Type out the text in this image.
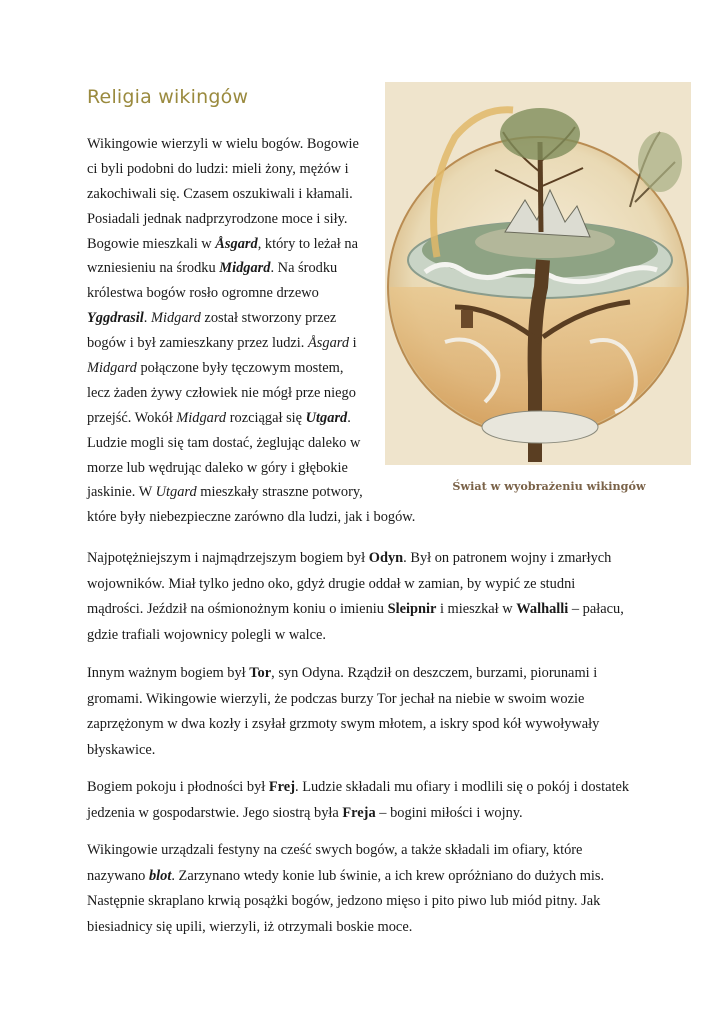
Religia wikingów
Wikingowie wierzyli w wielu bogów. Bogowie
ci byli podobni do ludzi: mieli żony, mężów i
zakochiwali się. Czasem oszukiwali i kłamali.
Posiadali jednak nadprzyrodzone moce i siły.
Bogowie mieszkali w Åsgard, który to leżał na
wzniesieniu na środku Midgard. Na środku
królestwa bogów rosło ogromne drzewo
Yggdrasil. Midgard został stworzony przez
bogów i był zamieszkany przez ludzi. Åsgard i
Midgard połączone były tęczowym mostem,
lecz żaden żywy człowiek nie mógł prze niego
przejść. Wokół Midgard rozciągał się Utgard.
Ludzie mogli się tam dostać, żeglując daleko w
morze lub wędrując daleko w góry i głębokie
jaskinie. W Utgard mieszkały straszne potwory,
które były niebezpieczne zarówno dla ludzi, jak i bogów.
Świat w wyobrażeniu wikingów
Najpotężniejszym i najmądrzejszym bogiem był Odyn. Był on patronem wojny i zmarłych
wojowników. Miał tylko jedno oko, gdyż drugie oddał w zamian, by wypić ze studni
mądrości. Jeździł na ośmionożnym koniu o imieniu Sleipnir i mieszkał w Walhalli – pałacu,
gdzie trafiali wojownicy polegli w walce.
Innym ważnym bogiem był Tor, syn Odyna. Rządził on deszczem, burzami, piorunami i
gromami. Wikingowie wierzyli, że podczas burzy Tor jechał na niebie w swoim wozie
zaprzężonym w dwa kozły i zsyłał grzmoty swym młotem, a iskry spod kół wywoływały
błyskawice.
Bogiem pokoju i płodności był Frej. Ludzie składali mu ofiary i modlili się o pokój i dostatek
jedzenia w gospodarstwie. Jego siostrą była Freja – bogini miłości i wojny.
Wikingowie urządzali festyny na cześć swych bogów, a także składali im ofiary, które
nazywano blot. Zarzynano wtedy konie lub świnie, a ich krew opróżniano do dużych mis.
Następnie skraplano krwią posążki bogów, jedzono mięso i pito piwo lub miód pitny. Jak
biesiadnicy się upili, wierzyli, iż otrzymali boskie moce.
